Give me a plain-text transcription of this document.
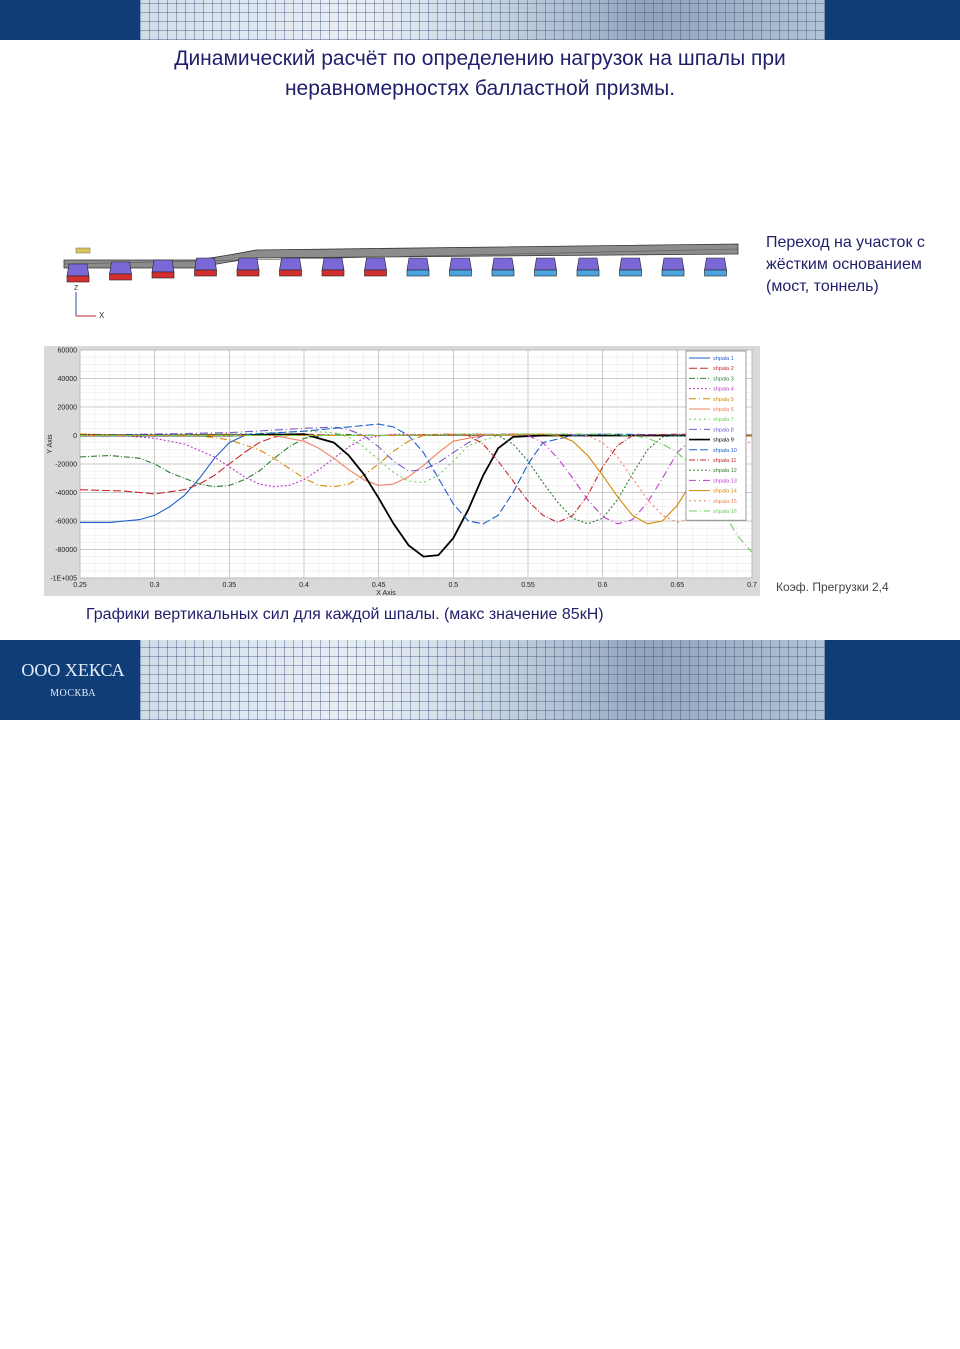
Динамический расчёт по определению нагрузок на шпалы при неравномерностях балластной призмы.
Z
X
Переход на участок с жёстким основанием (мост, тоннель)
0.25	0.3	0.35	0.4	0.45	0.5	0.55	0.6	0.65	0.7
60000
40000
20000
0
-20000
-40000
-60000
-80000
-1E+005
X Axis
Y Axis
shpala 1
shpala 2
shpala 3
shpala 4
shpala 5
shpala 6
shpala 7
shpala 8
shpala 9
shpala 10
shpala 11
shpala 12
shpala 13
shpala 14
shpala 15
shpala 16
Коэф. Прегрузки 2,4
Графики вертикальных сил для каждой шпалы. (макс значение 85кН)
ООО ХЕКСА
МОСКВА
HEXA
